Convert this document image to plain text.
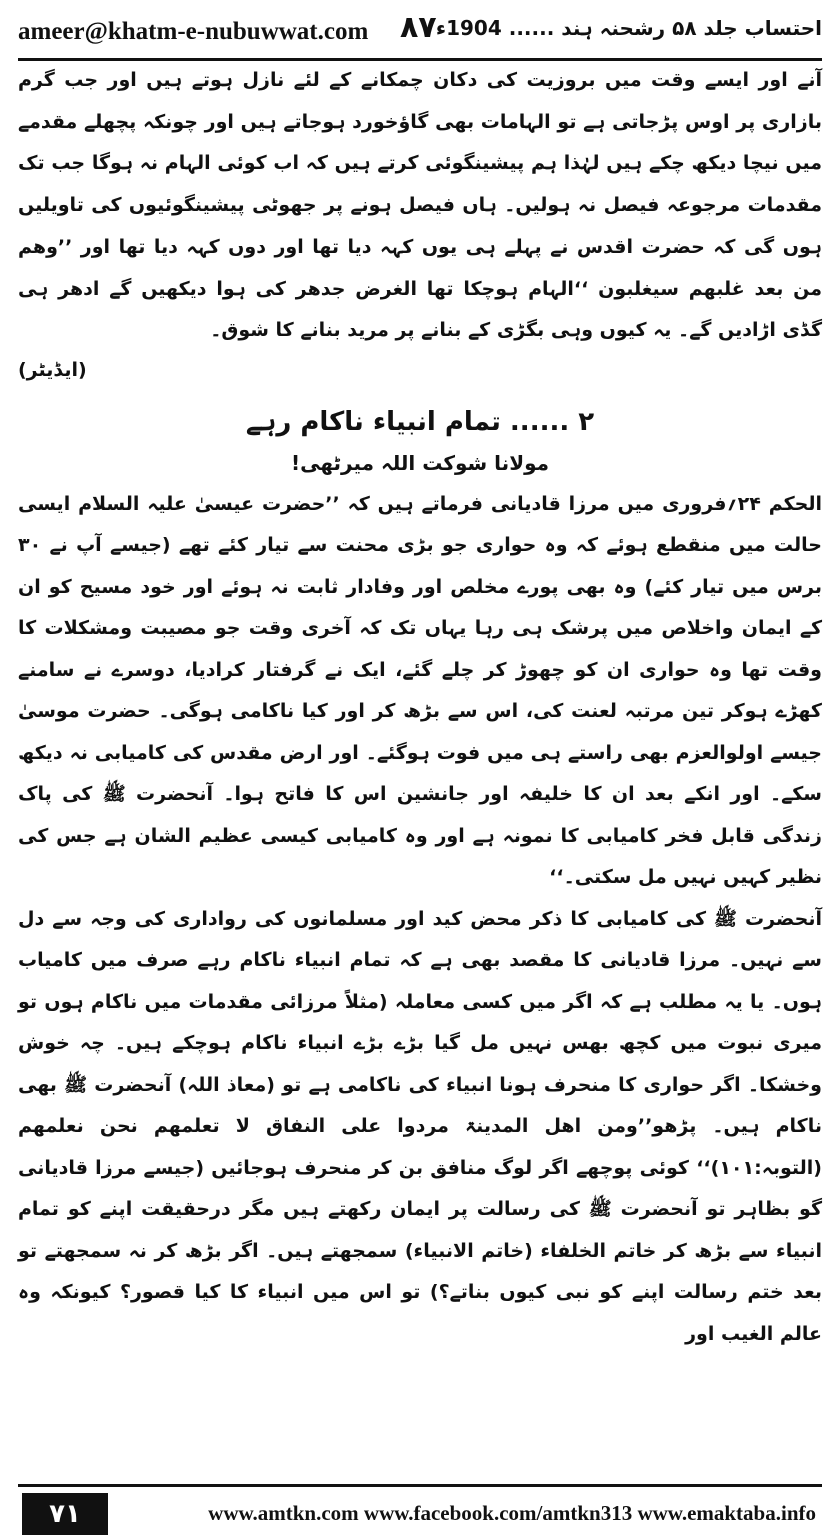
ameer@khatm-e-nubuwwat.com ۸۷ احتساب جلد ۵۸ رشحنہ ہند ...... 1904ء

آنے اور ایسے وقت میں بروزیت کی دکان چمکانے کے لئے نازل ہوتے ہیں اور جب گرم بازاری پر اوس پڑجاتی ہے تو الہامات بھی گاؤخورد ہوجاتے ہیں اور چونکہ پچھلے مقدمے میں نیچا دیکھ چکے ہیں لہٰذا ہم پیشینگوئی کرتے ہیں کہ اب کوئی الہام نہ ہوگا جب تک مقدمات مرجوعہ فیصل نہ ہولیں۔ ہاں فیصل ہونے پر جھوٹی پیشینگوئیوں کی تاویلیں ہوں گی کہ حضرت اقدس نے پہلے ہی یوں کہہ دیا تھا اور دوں کہہ دیا تھا اور ’’وھم من بعد غلبھم سیغلبون ‘‘الہام ہوچکا تھا الغرض جدھر کی ہوا دیکھیں گے ادھر ہی گڈی اڑادیں گے۔ یہ کیوں وہی بگڑی کے بنانے پر مرید بنانے کا شوق۔

(ایڈیٹر)
۲ ...... تمام انبیاء ناکام رہے
مولانا شوکت اللہ میرٹھی!

الحکم ۲۴؍فروری میں مرزا قادیانی فرماتے ہیں کہ ’’حضرت عیسیٰ علیہ السلام ایسی حالت میں منقطع ہوئے کہ وہ حواری جو بڑی محنت سے تیار کئے تھے (جیسے آپ نے ۳۰ برس میں تیار کئے) وہ بھی پورے مخلص اور وفادار ثابت نہ ہوئے اور خود مسیح کو ان کے ایمان واخلاص میں پرشک ہی رہا یہاں تک کہ آخری وقت جو مصیبت ومشکلات کا وقت تھا وہ حواری ان کو چھوڑ کر چلے گئے، ایک نے گرفتار کرادیا، دوسرے نے سامنے کھڑے ہوکر تین مرتبہ لعنت کی، اس سے بڑھ کر اور کیا ناکامی ہوگی۔ حضرت موسیٰ جیسے اولوالعزم بھی راستے ہی میں فوت ہوگئے۔ اور ارض مقدس کی کامیابی نہ دیکھ سکے۔ اور انکے بعد ان کا خلیفہ اور جانشین اس کا فاتح ہوا۔ آنحضرت ﷺ کی پاک زندگی قابل فخر کامیابی کا نمونہ ہے اور وہ کامیابی کیسی عظیم الشان ہے جس کی نظیر کہیں نہیں مل سکتی۔‘‘

آنحضرت ﷺ کی کامیابی کا ذکر محض کید اور مسلمانوں کی رواداری کی وجہ سے دل سے نہیں۔ مرزا قادیانی کا مقصد بھی ہے کہ تمام انبیاء ناکام رہے صرف میں کامیاب ہوں۔ یا یہ مطلب ہے کہ اگر میں کسی معاملہ (مثلاً مرزائی مقدمات میں ناکام ہوں تو میری نبوت میں کچھ بھس نہیں مل گیا بڑے بڑے انبیاء ناکام ہوچکے ہیں۔ چہ خوش وخشکا۔ اگر حواری کا منحرف ہونا انبیاء کی ناکامی ہے تو (معاذ اللہ) آنحضرت ﷺ بھی ناکام ہیں۔ پڑھو’’ومن اھل المدینۃ مردوا علی النفاق لا تعلمھم نحن نعلمھم (التوبہ:۱۰۱)‘‘ کوئی پوچھے اگر لوگ منافق بن کر منحرف ہوجائیں (جیسے مرزا قادیانی گو بظاہر تو آنحضرت ﷺ کی رسالت پر ایمان رکھتے ہیں مگر درحقیقت اپنے کو تمام انبیاء سے بڑھ کر خاتم الخلفاء (خاتم الانبیاء) سمجھتے ہیں۔ اگر بڑھ کر نہ سمجھتے تو بعد ختم رسالت اپنے کو نبی کیوں بناتے؟) تو اس میں انبیاء کا کیا قصور؟ کیونکہ وہ عالم الغیب اور

۷۱	www.amtkn.com www.facebook.com/amtkn313 www.emaktaba.info
